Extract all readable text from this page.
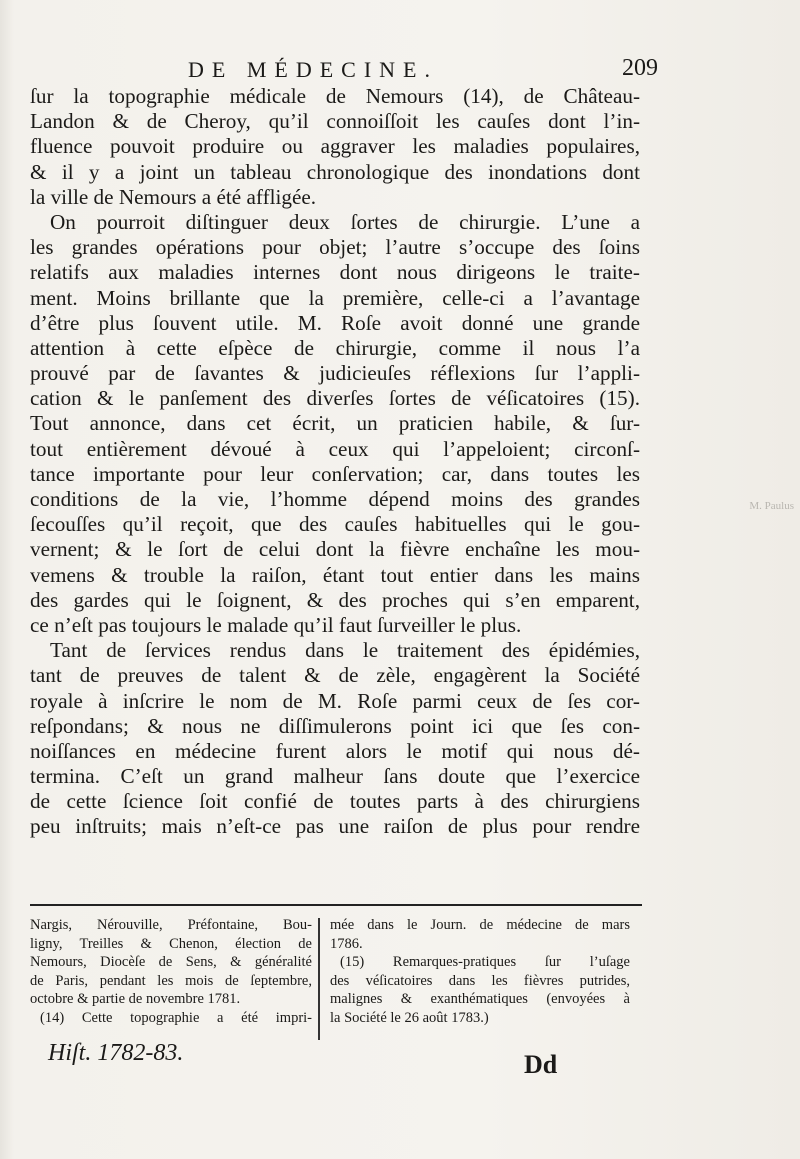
M. Paulus
DE MÉDECINE.	209
ſur la topographie médicale de Nemours (14), de Château-
Landon & de Cheroy, qu’il connoiſſoit les cauſes dont l’in-
fluence pouvoit produire ou aggraver les maladies populaires,
& il y a joint un tableau chronologique des inondations dont
la ville de Nemours a été affligée.
On pourroit diſtinguer deux ſortes de chirurgie. L’une a
les grandes opérations pour objet; l’autre s’occupe des ſoins
relatifs aux maladies internes dont nous dirigeons le traite-
ment. Moins brillante que la première, celle-ci a l’avantage
d’être plus ſouvent utile. M. Roſe avoit donné une grande
attention à cette eſpèce de chirurgie, comme il nous l’a
prouvé par de ſavantes & judicieuſes réflexions ſur l’appli-
cation & le panſement des diverſes ſortes de véſicatoires (15).
Tout annonce, dans cet écrit, un praticien habile, & ſur-
tout entièrement dévoué à ceux qui l’appeloient; circonſ-
tance importante pour leur conſervation; car, dans toutes les
conditions de la vie, l’homme dépend moins des grandes
ſecouſſes qu’il reçoit, que des cauſes habituelles qui le gou-
vernent; & le ſort de celui dont la fièvre enchaîne les mou-
vemens & trouble la raiſon, étant tout entier dans les mains
des gardes qui le ſoignent, & des proches qui s’en emparent,
ce n’eſt pas toujours le malade qu’il faut ſurveiller le plus.
Tant de ſervices rendus dans le traitement des épidémies,
tant de preuves de talent & de zèle, engagèrent la Société
royale à inſcrire le nom de M. Roſe parmi ceux de ſes cor-
reſpondans; & nous ne diſſimulerons point ici que ſes con-
noiſſances en médecine furent alors le motif qui nous dé-
termina. C’eſt un grand malheur ſans doute que l’exercice
de cette ſcience ſoit confié de toutes parts à des chirurgiens
peu inſtruits; mais n’eſt-ce pas une raiſon de plus pour rendre
Nargis, Nérouville, Préfontaine, Bou-
ligny, Treilles & Chenon, élection de
Nemours, Diocèſe de Sens, & généralité
de Paris, pendant les mois de ſeptembre,
octobre & partie de novembre 1781.
(14) Cette topographie a été impri-
mée dans le Journ. de médecine de mars
1786.
(15) Remarques-pratiques ſur l’uſage
des véſicatoires dans les fièvres putrides,
malignes & exanthématiques (envoyées à
la Société le 26 août 1783.)
Hiſt. 1782-83.	Dd
